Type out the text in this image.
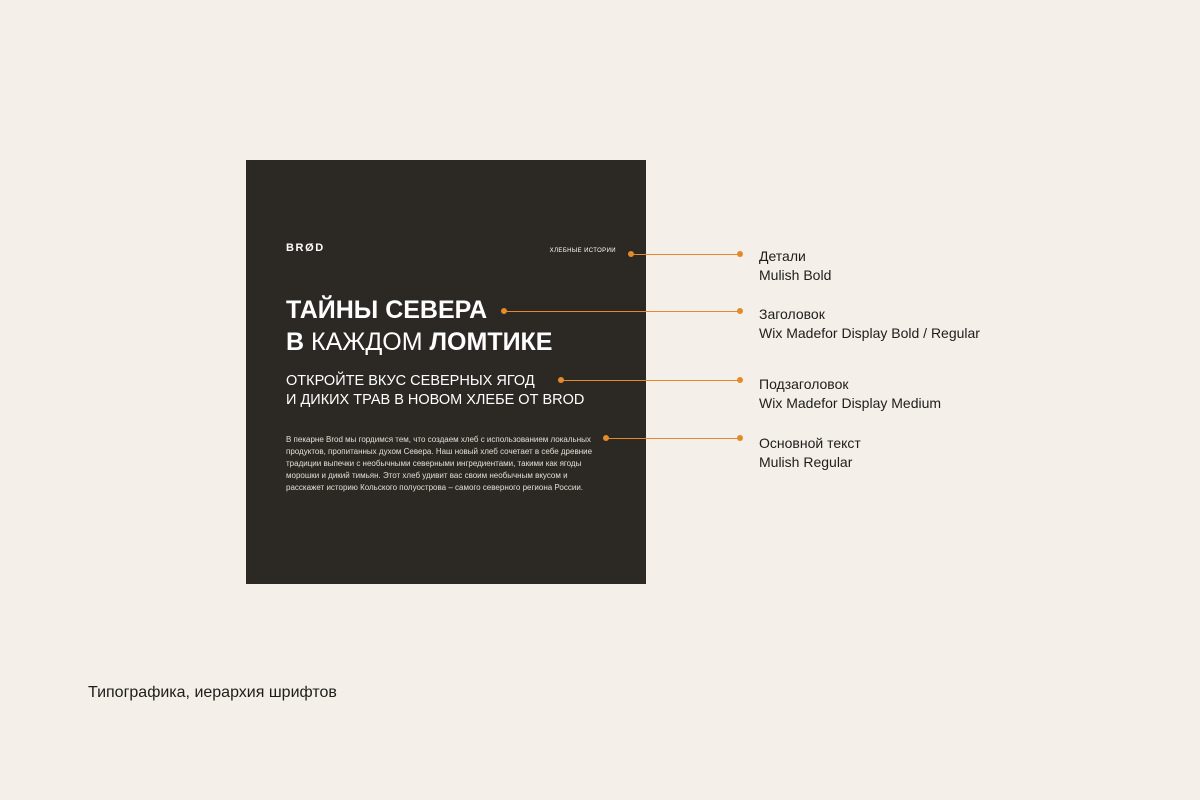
BRØD	ХЛЕБНЫЕ ИСТОРИИ
ТАЙНЫ СЕВЕРА
В КАЖДОМ ЛОМТИКЕ
ОТКРОЙТЕ ВКУС СЕВЕРНЫХ ЯГОД
И ДИКИХ ТРАВ В НОВОМ ХЛЕБЕ ОТ BROD
В пекарне Brod мы гордимся тем, что создаем хлеб с использованием локальных продуктов, пропитанных духом Севера. Наш новый хлеб сочетает в себе древние традиции выпечки с необычными северными ингредиентами, такими как ягоды морошки и дикий тимьян. Этот хлеб удивит вас своим необычным вкусом и расскажет историю Кольского полуострова – самого северного региона России.
Детали
Mulish Bold
Заголовок
Wix Madefor Display Bold / Regular
Подзаголовок
Wix Madefor Display Medium
Основной текст
Mulish Regular
Типографика, иерархия шрифтов
